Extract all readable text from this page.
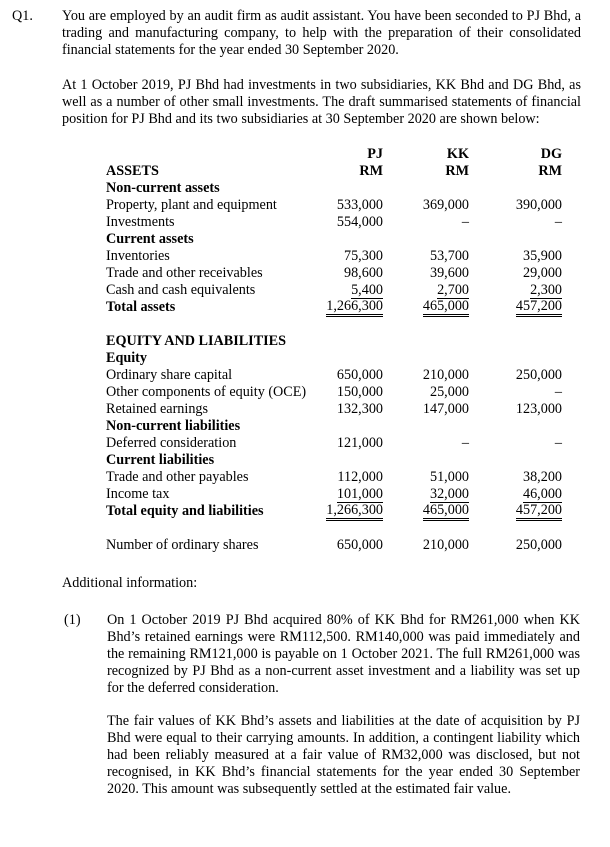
Q1. You are employed by an audit firm as audit assistant. You have been seconded to PJ Bhd, a trading and manufacturing company, to help with the preparation of their consolidated financial statements for the year ended 30 September 2020.
At 1 October 2019, PJ Bhd had investments in two subsidiaries, KK Bhd and DG Bhd, as well as a number of other small investments. The draft summarised statements of financial position for PJ Bhd and its two subsidiaries at 30 September 2020 are shown below:
PJ	KK	DG
ASSETS	RM	RM	RM
Non-current assets
Property, plant and equipment	533,000	369,000	390,000
Investments	554,000	–	–
Current assets
Inventories	75,300	53,700	35,900
Trade and other receivables	98,600	39,600	29,000
Cash and cash equivalents	5,400	2,700	2,300
Total assets	1,266,300	465,000	457,200
EQUITY AND LIABILITIES
Equity
Ordinary share capital	650,000	210,000	250,000
Other components of equity (OCE) 150,000	25,000	–
Retained earnings	132,300	147,000	123,000
Non-current liabilities
Deferred consideration	121,000	–	–
Current liabilities
Trade and other payables	112,000	51,000	38,200
Income tax	101,000	32,000	46,000
Total equity and liabilities	1,266,300	465,000	457,200
Number of ordinary shares	650,000	210,000	250,000
Additional information:
(1) On 1 October 2019 PJ Bhd acquired 80% of KK Bhd for RM261,000 when KK Bhd’s retained earnings were RM112,500. RM140,000 was paid immediately and the remaining RM121,000 is payable on 1 October 2021. The full RM261,000 was recognized by PJ Bhd as a non-current asset investment and a liability was set up for the deferred consideration.
The fair values of KK Bhd’s assets and liabilities at the date of acquisition by PJ Bhd were equal to their carrying amounts. In addition, a contingent liability which had been reliably measured at a fair value of RM32,000 was disclosed, but not recognised, in KK Bhd’s financial statements for the year ended 30 September 2020. This amount was subsequently settled at the estimated fair value.
